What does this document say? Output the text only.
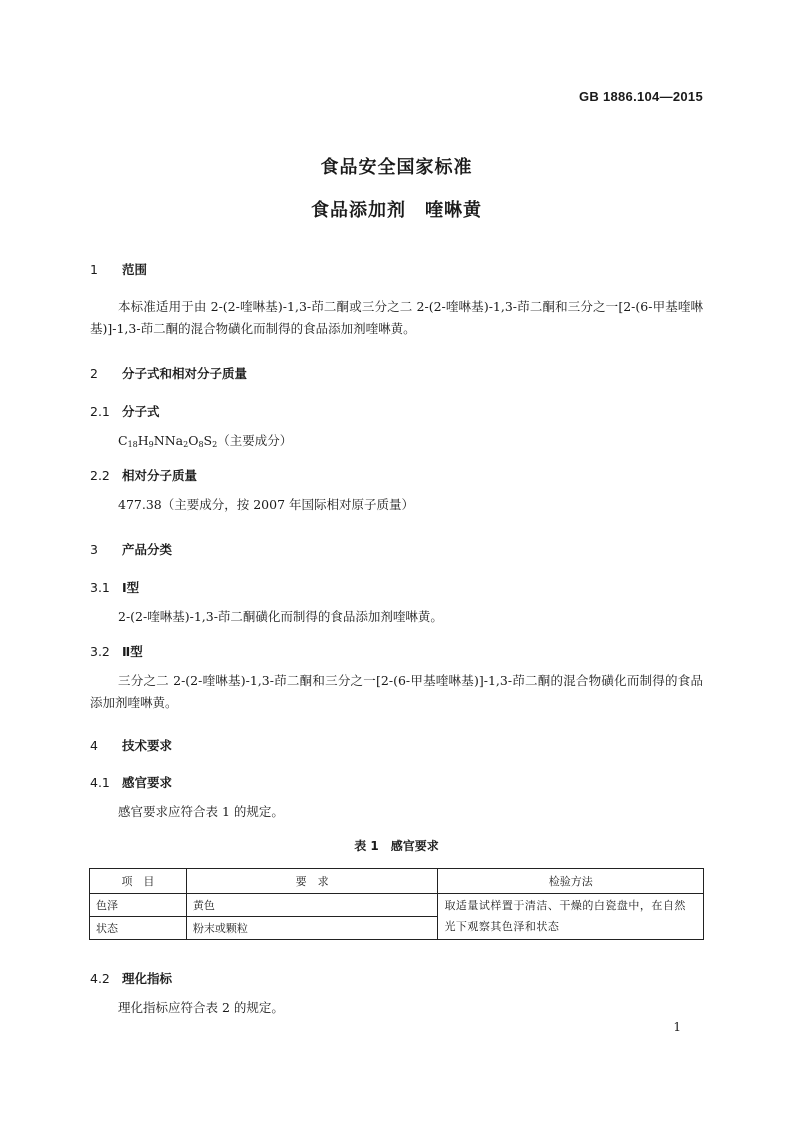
GB 1886.104—2015
食品安全国家标准
食品添加剂　喹啉黄
1 范围
本标准适用于由 2-(2-喹啉基)-1,3-茚二酮或三分之二 2-(2-喹啉基)-1,3-茚二酮和三分之一[2-(6-甲基喹啉基)]-1,3-茚二酮的混合物磺化而制得的食品添加剂喹啉黄。
2 分子式和相对分子质量
2.1 分子式
$C_{18}H_9NNa_2O_8S_2$（主要成分）
2.2 相对分子质量
477.38（主要成分，按 2007 年国际相对原子质量）
3 产品分类
3.1 Ⅰ型
2-(2-喹啉基)-1,3-茚二酮磺化而制得的食品添加剂喹啉黄。
3.2 Ⅱ型
三分之二 2-(2-喹啉基)-1,3-茚二酮和三分之一[2-(6-甲基喹啉基)]-1,3-茚二酮的混合物磺化而制得的食品添加剂喹啉黄。
4 技术要求
4.1 感官要求
感官要求应符合表 1 的规定。
表 1　感官要求
项　目	要　求	检验方法
色泽	黄色	取适量试样置于清洁、干燥的白瓷盘中，在自然光下观察其色泽和状态
状态	粉末或颗粒	
4.2 理化指标
理化指标应符合表 2 的规定。
1
